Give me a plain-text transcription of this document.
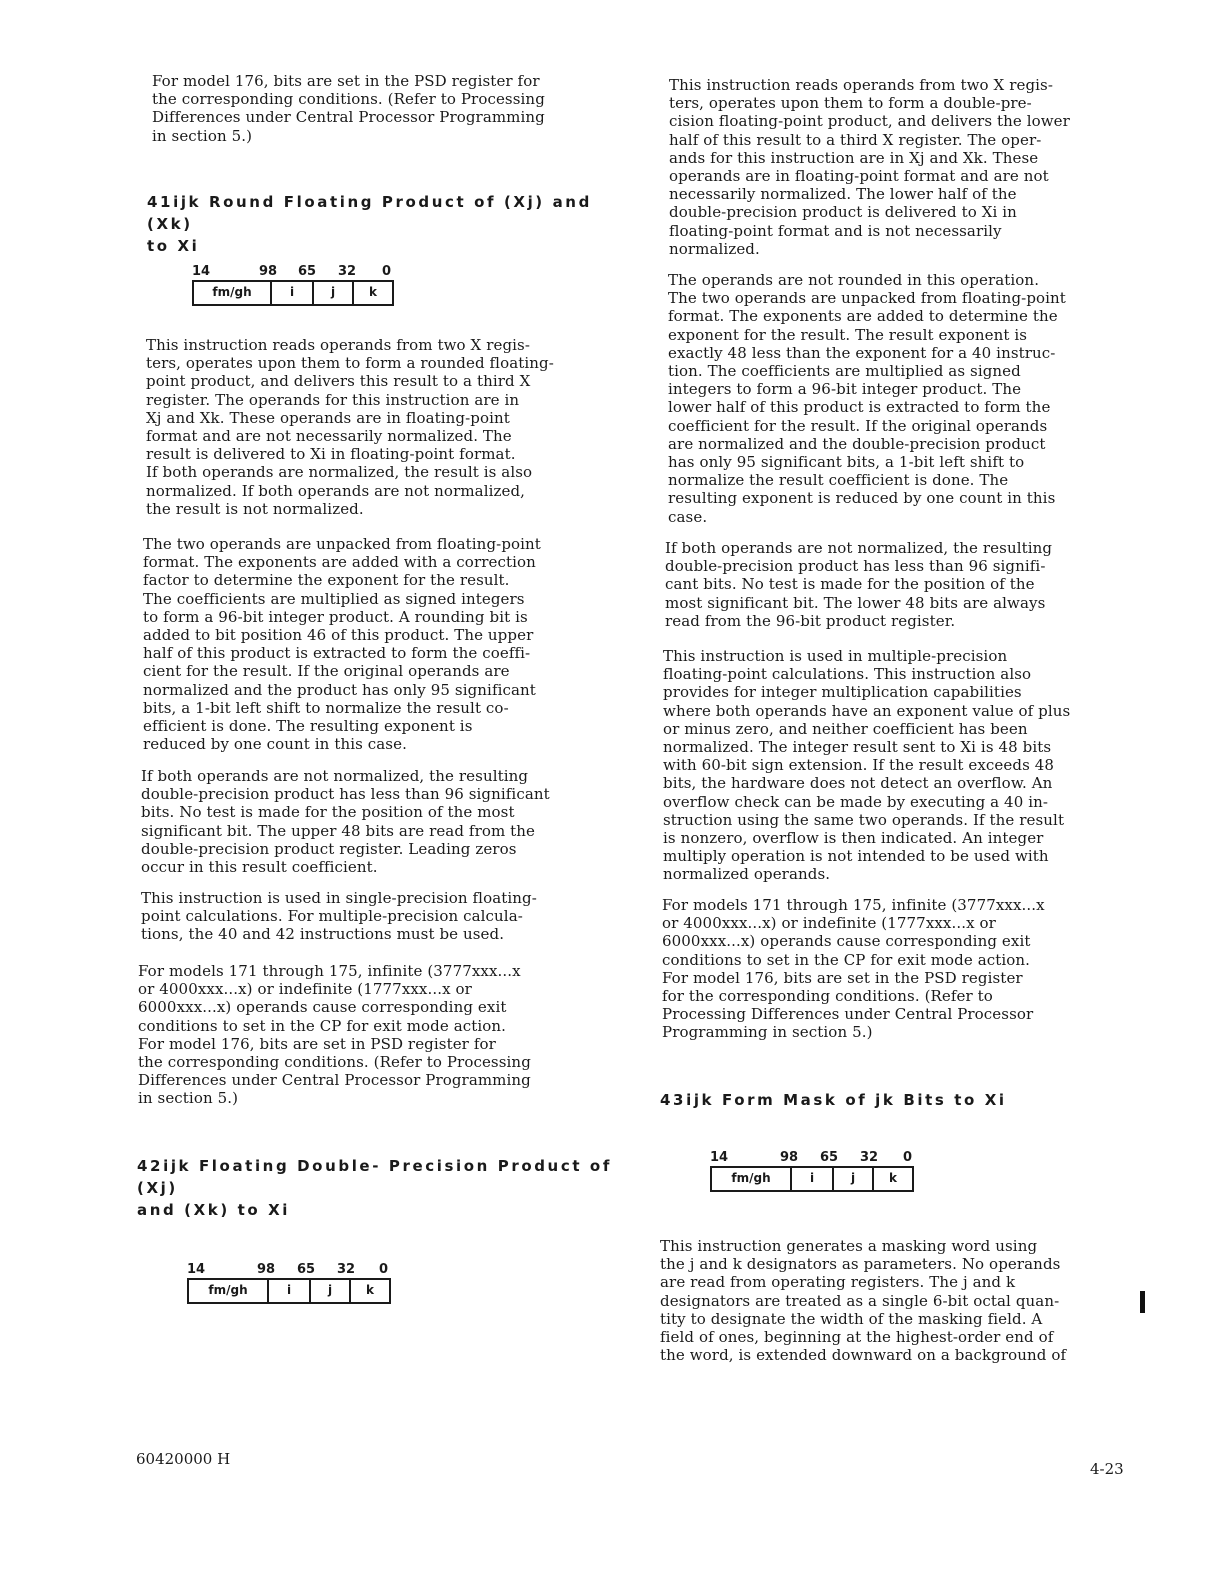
For model 176, bits are set in the PSD register for
the corresponding conditions. (Refer to Processing
Differences under Central Processor Programming
in section 5.)

41ijk Round Floating Product of (Xj) and (Xk)
to Xi
14	98 65 32 0
fm/gh	i	j	k

This instruction reads operands from two X regis-
ters, operates upon them to form a rounded floating-
point product, and delivers this result to a third X
register. The operands for this instruction are in
Xj and Xk. These operands are in floating-point
format and are not necessarily normalized. The
result is delivered to Xi in floating-point format.
If both operands are normalized, the result is also
normalized. If both operands are not normalized,
the result is not normalized.

The two operands are unpacked from floating-point
format. The exponents are added with a correction
factor to determine the exponent for the result.
The coefficients are multiplied as signed integers
to form a 96-bit integer product. A rounding bit is
added to bit position 46 of this product. The upper
half of this product is extracted to form the coeffi-
cient for the result. If the original operands are
normalized and the product has only 95 significant
bits, a 1-bit left shift to normalize the result co-
efficient is done. The resulting exponent is
reduced by one count in this case.

If both operands are not normalized, the resulting
double-precision product has less than 96 significant
bits. No test is made for the position of the most
significant bit. The upper 48 bits are read from the
double-precision product register. Leading zeros
occur in this result coefficient.

This instruction is used in single-precision floating-
point calculations. For multiple-precision calcula-
tions, the 40 and 42 instructions must be used.

For models 171 through 175, infinite (3777xxx...x
or 4000xxx...x) or indefinite (1777xxx...x or
6000xxx...x) operands cause corresponding exit
conditions to set in the CP for exit mode action.
For model 176, bits are set in PSD register for
the corresponding conditions. (Refer to Processing
Differences under Central Processor Programming
in section 5.)

42ijk Floating Double- Precision Product of (Xj)
and (Xk) to Xi
14	98 65 32 0
fm/gh	i	j	k

This instruction reads operands from two X regis-
ters, operates upon them to form a double-pre-
cision floating-point product, and delivers the lower
half of this result to a third X register. The oper-
ands for this instruction are in Xj and Xk. These
operands are in floating-point format and are not
necessarily normalized. The lower half of the
double-precision product is delivered to Xi in
floating-point format and is not necessarily
normalized.

The operands are not rounded in this operation.
The two operands are unpacked from floating-point
format. The exponents are added to determine the
exponent for the result. The result exponent is
exactly 48 less than the exponent for a 40 instruc-
tion. The coefficients are multiplied as signed
integers to form a 96-bit integer product. The
lower half of this product is extracted to form the
coefficient for the result. If the original operands
are normalized and the double-precision product
has only 95 significant bits, a 1-bit left shift to
normalize the result coefficient is done. The
resulting exponent is reduced by one count in this
case.

If both operands are not normalized, the resulting
double-precision product has less than 96 signifi-
cant bits. No test is made for the position of the
most significant bit. The lower 48 bits are always
read from the 96-bit product register.

This instruction is used in multiple-precision
floating-point calculations. This instruction also
provides for integer multiplication capabilities
where both operands have an exponent value of plus
or minus zero, and neither coefficient has been
normalized. The integer result sent to Xi is 48 bits
with 60-bit sign extension. If the result exceeds 48
bits, the hardware does not detect an overflow. An
overflow check can be made by executing a 40 in-
struction using the same two operands. If the result
is nonzero, overflow is then indicated. An integer
multiply operation is not intended to be used with
normalized operands.

For models 171 through 175, infinite (3777xxx...x
or 4000xxx...x) or indefinite (1777xxx...x or
6000xxx...x) operands cause corresponding exit
conditions to set in the CP for exit mode action.
For model 176, bits are set in the PSD register
for the corresponding conditions. (Refer to
Processing Differences under Central Processor
Programming in section 5.)

43ijk Form Mask of jk Bits to Xi
14	98 65 32 0
fm/gh	i	j	k

This instruction generates a masking word using
the j and k designators as parameters. No operands
are read from operating registers. The j and k
designators are treated as a single 6-bit octal quan-
tity to designate the width of the masking field. A
field of ones, beginning at the highest-order end of
the word, is extended downward on a background of

60420000 H
4-23
